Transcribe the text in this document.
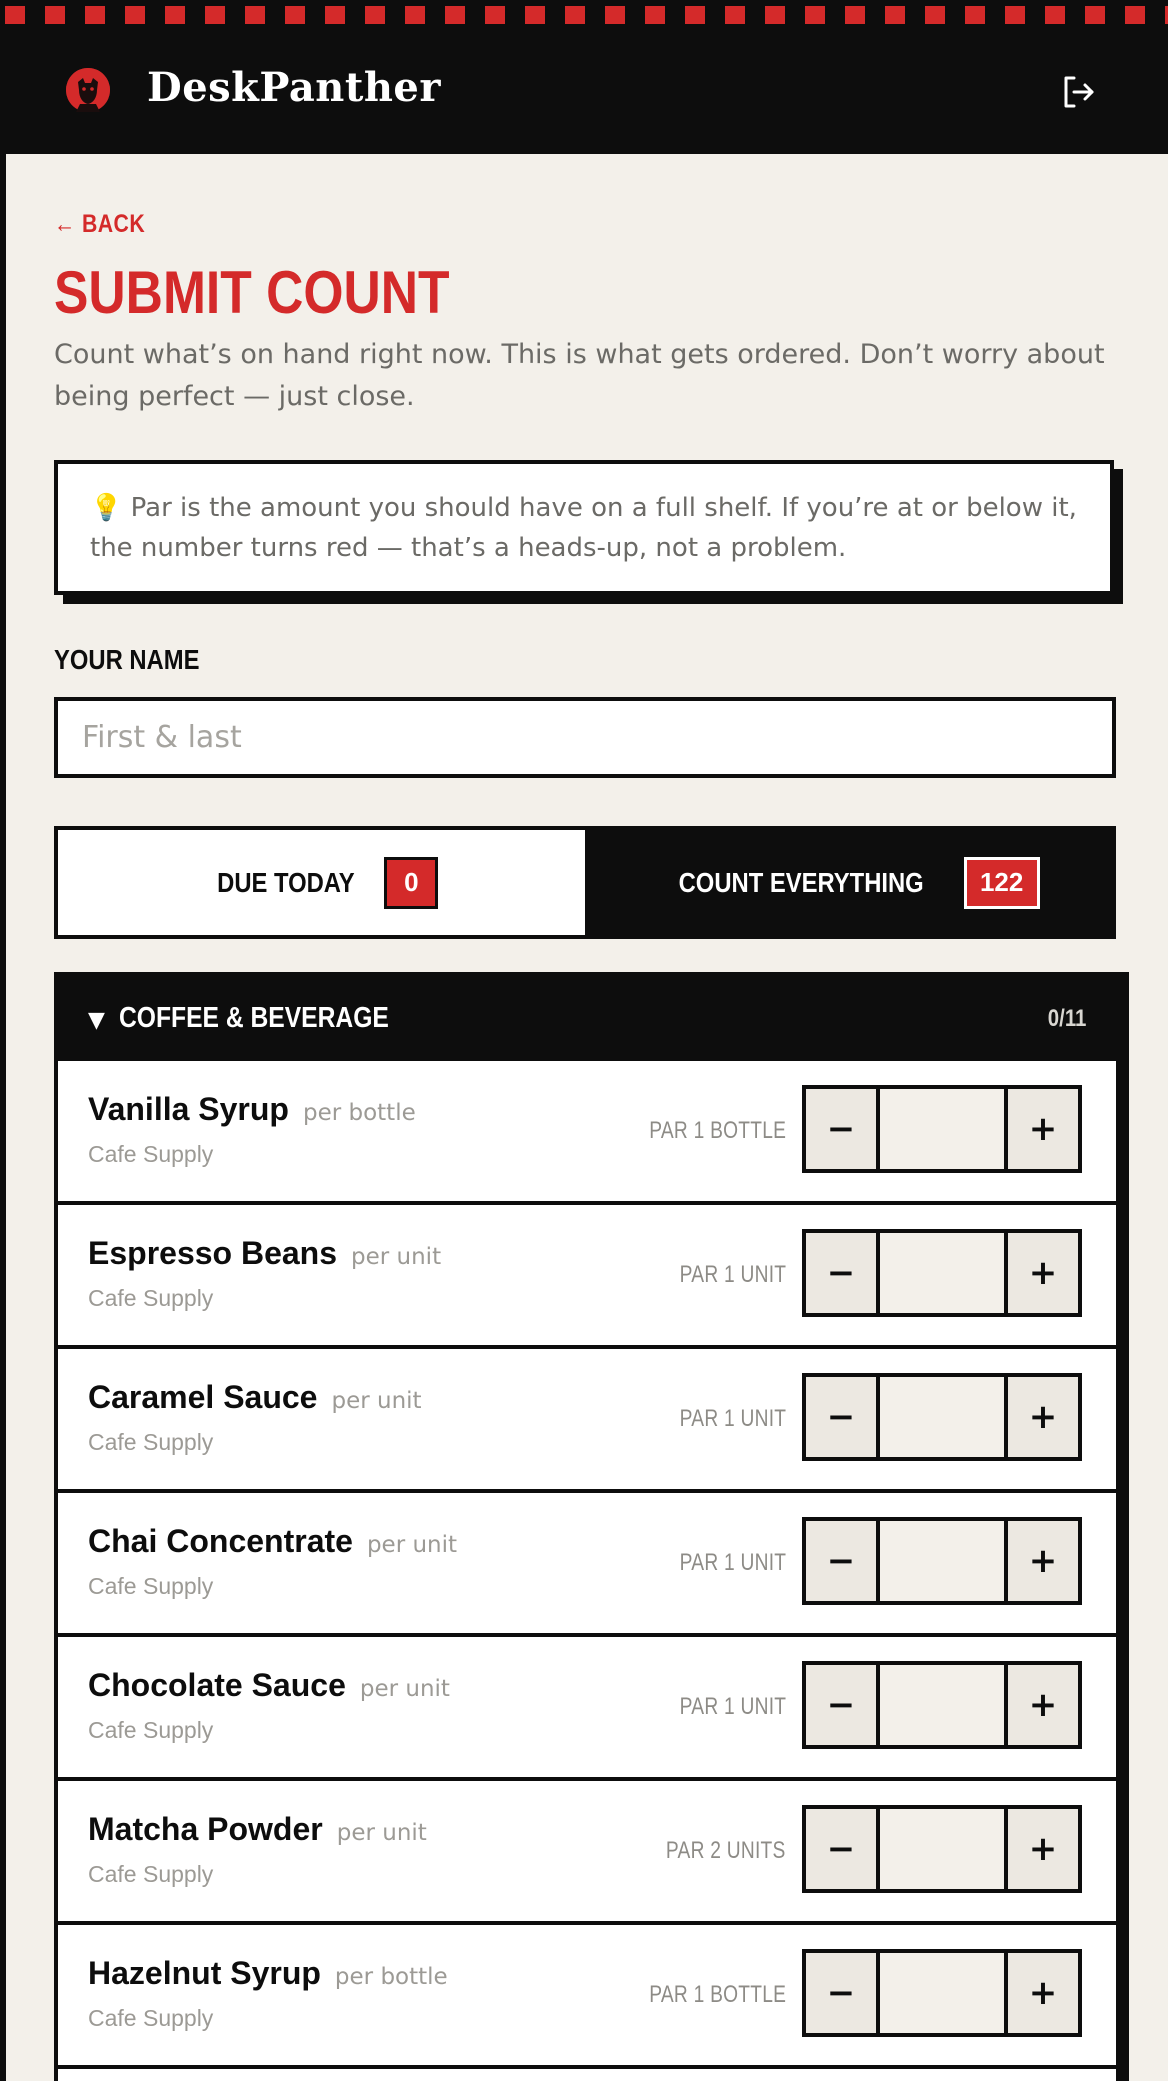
DeskPanther
← BACK
SUBMIT COUNT

Count what’s on hand right now. This is what gets ordered. Don’t worry about being perfect — just close.

💡 Par is the amount you should have on a full shelf. If you’re at or below it, the number turns red — that’s a heads-up, not a problem.
YOUR NAME
First & last
DUE TODAY	0	COUNT EVERYTHING	122
▼ COFFEE & BEVERAGE	0/11
Vanilla Syrup per bottle
Cafe Supply
PAR 1 BOTTLE	−	+
Espresso Beans per unit
Cafe Supply
PAR 1 UNIT	−	+
Caramel Sauce per unit
Cafe Supply
PAR 1 UNIT	−	+
Chai Concentrate per unit
Cafe Supply
PAR 1 UNIT	−	+
Chocolate Sauce per unit
Cafe Supply
PAR 1 UNIT	−	+
Matcha Powder per unit
Cafe Supply
PAR 2 UNITS	−	+
Hazelnut Syrup per bottle
Cafe Supply
PAR 1 BOTTLE	−	+
